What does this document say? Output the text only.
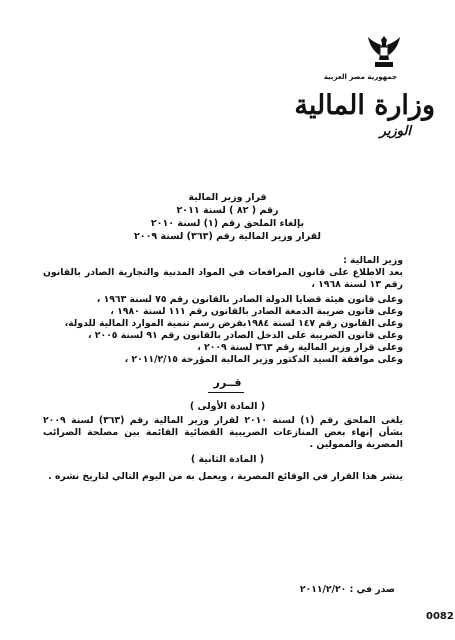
جمهورية مصر العربية
وزارة المالية
الوزير
قرار وزير المالية
رقم ( ٨٢ ) لسنة ٢٠١١
بإلغاء الملحق رقم (١) لسنة ٢٠١٠
لقرار وزير المالية رقم (٣٦٣) لسنة ٢٠٠٩
وزير المالية :
بعد الاطلاع على قانون المرافعات في المواد المدنية والتجارية الصادر بالقانون رقم ١٣ لسنة ١٩٦٨ ،
وعلى قانون هيئة قضايا الدولة الصادر بالقانون رقم ٧٥ لسنة ١٩٦٣ ،
وعلى قانون ضريبة الدمغة الصادر بالقانون رقم ١١١ لسنة ١٩٨٠ ،
وعلى القانون رقم ١٤٧ لسنة ١٩٨٤بفرض رسم تنمية الموارد المالية للدولة،
وعلى قانون الضريبة على الدخل الصادر بالقانون رقم ٩١ لسنة ٢٠٠٥ ،
وعلى قرار وزير المالية رقم ٣٦٣ لسنة ٢٠٠٩ ،
وعلى موافقة السيد الدكتور وزير المالية المؤرخة ٢٠١١/٢/١٥ ،
قــرر
( المادة الأولى )
يلغى الملحق رقم (١) لسنة ٢٠١٠ لقرار وزير المالية رقم (٣٦٣) لسنة ٢٠٠٩ بشأن إنهاء بعض المنازعات الضريبية القضائية القائمة بين مصلحة الضرائب المصرية والممولين .
( المادة الثانية )
ينشر هذا القرار في الوقائع المصرية ، ويعمل به من اليوم التالي لتاريخ نشره .
صدر في : ٢٠١١/٢/٢٠
0082
